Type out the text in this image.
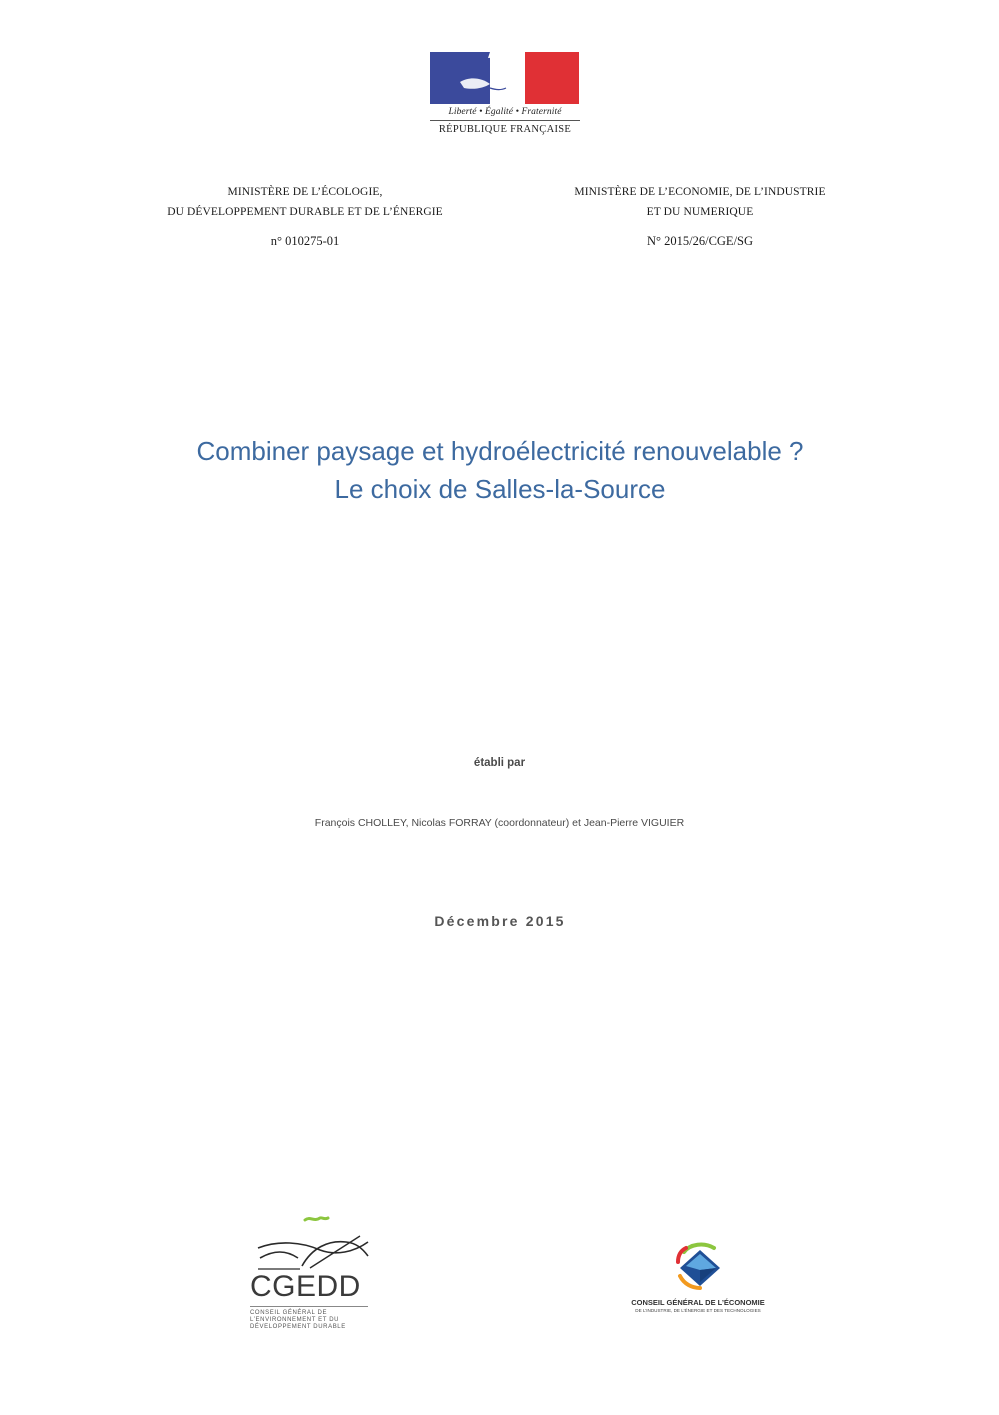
Liberté • Égalité • Fraternité
RÉPUBLIQUE FRANÇAISE
MINISTÈRE DE L’ÉCOLOGIE,
DU DÉVELOPPEMENT DURABLE ET DE L’ÉNERGIE
MINISTÈRE DE L’ECONOMIE, DE L’INDUSTRIE
ET DU NUMERIQUE
n° 010275-01	N° 2015/26/CGE/SG
Combiner paysage et hydroélectricité renouvelable ?
Le choix de Salles-la-Source
établi par
François CHOLLEY, Nicolas FORRAY (coordonnateur) et Jean-Pierre VIGUIER
Décembre 2015
CGEDD
CONSEIL GÉNÉRAL DE
L’ENVIRONNEMENT ET DU
DÉVELOPPEMENT DURABLE
CONSEIL GÉNÉRAL DE L’ÉCONOMIE
DE L’INDUSTRIE, DE L’ÉNERGIE ET DES TECHNOLOGIES
